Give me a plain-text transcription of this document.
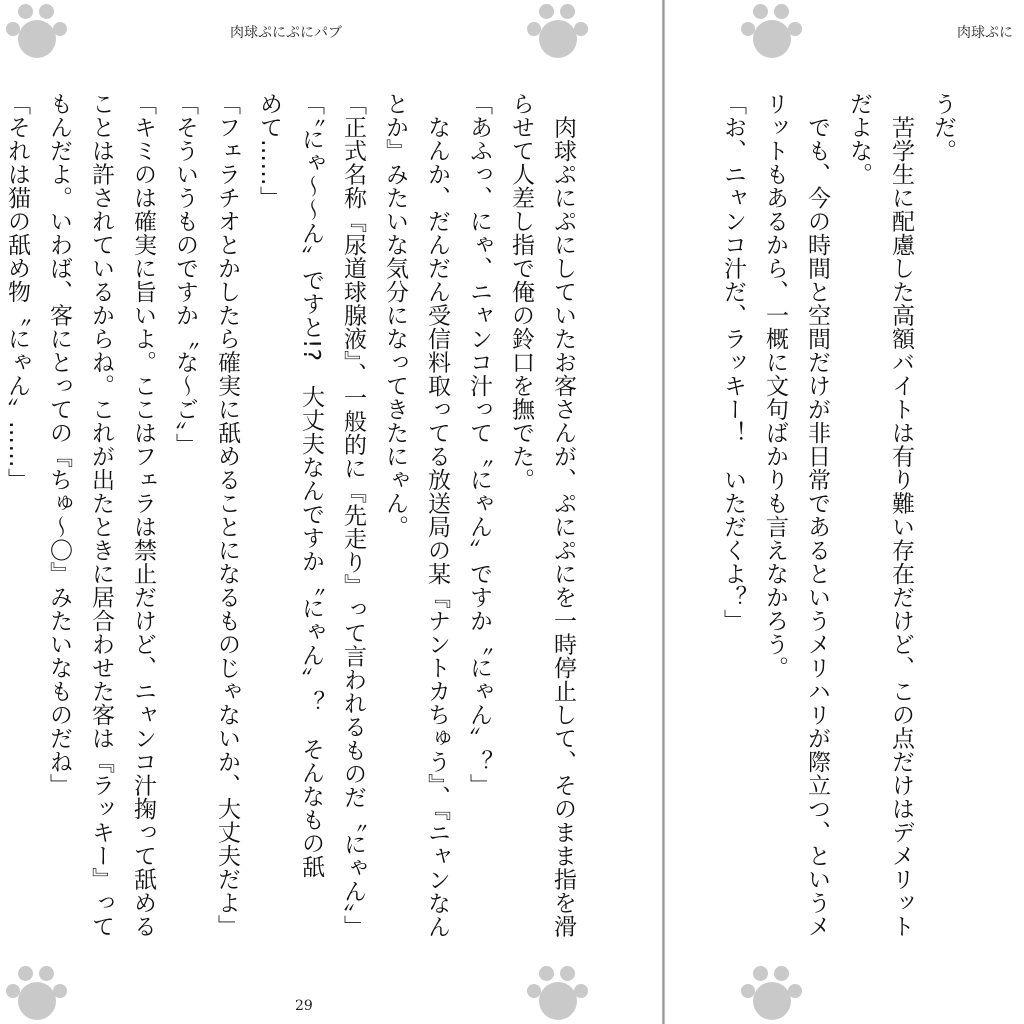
肉球ぷにぷにパブ
　肉球ぷにぷにしていたお客さんが、ぷにぷにを一時停止して、そのまま指を滑
らせて人差し指で俺の鈴口を撫でた。
「あふっ、にゃ、ニャンコ汁って〝にゃん〟ですか〝にゃん〟？」
　なんか、だんだん受信料取ってる放送局の某『ナントカちゅう』、『ニャンなん
とか』みたいな気分になってきたにゃん。
「正式名称『尿道球腺液』、一般的に『先走り』って言われるものだ〝にゃん〟」
「〝にゃ～～ん〟ですと!?　大丈夫なんですか〝にゃん〟？　そんなもの舐
めて……」
「フェラチオとかしたら確実に舐めることになるものじゃないか、大丈夫だよ」
「そういうものですか〝な～ご〟」
「キミのは確実に旨いよ。ここはフェラは禁止だけど、ニャンコ汁掬って舐める
ことは許されているからね。これが出たときに居合わせた客は『ラッキー』って
もんだよ。いわば、客にとっての『ちゅ～〇』みたいなものだね」
「それは猫の舐め物〝にゃん〟……」
29
肉球ぷに
うだ。
　苦学生に配慮した高額バイトは有り難い存在だけど、この点だけはデメリット
だよな。
　でも、今の時間と空間だけが非日常であるというメリハリが際立つ、というメ
リットもあるから、一概に文句ばかりも言えなかろう。
「お、ニャンコ汁だ、ラッキー！　いただくよ？」
